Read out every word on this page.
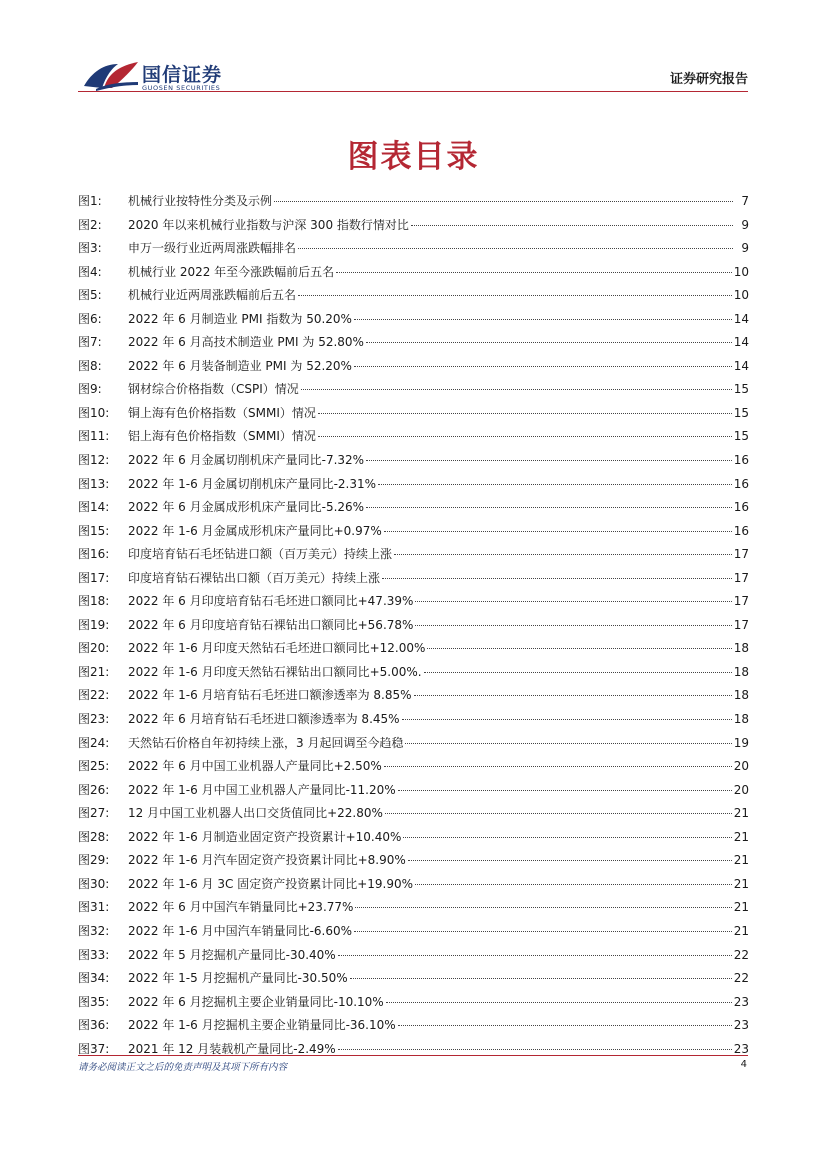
国信证券
GUOSEN SECURITIES
证券研究报告
图表目录
图1:	机械行业按特性分类及示例	7
图2:	2020 年以来机械行业指数与沪深 300 指数行情对比	9
图3:	申万一级行业近两周涨跌幅排名	9
图4:	机械行业 2022 年至今涨跌幅前后五名	10
图5:	机械行业近两周涨跌幅前后五名	10
图6:	2022 年 6 月制造业 PMI 指数为 50.20%	14
图7:	2022 年 6 月高技术制造业 PMI 为 52.80%	14
图8:	2022 年 6 月装备制造业 PMI 为 52.20%	14
图9:	钢材综合价格指数（CSPI）情况	15
图10:	铜上海有色价格指数（SMMI）情况	15
图11:	铝上海有色价格指数（SMMI）情况	15
图12:	2022 年 6 月金属切削机床产量同比-7.32%	16
图13:	2022 年 1-6 月金属切削机床产量同比-2.31%	16
图14:	2022 年 6 月金属成形机床产量同比-5.26%	16
图15:	2022 年 1-6 月金属成形机床产量同比+0.97%	16
图16:	印度培育钻石毛坯钻进口额（百万美元）持续上涨	17
图17:	印度培育钻石裸钻出口额（百万美元）持续上涨	17
图18:	2022 年 6 月印度培育钻石毛坯进口额同比+47.39%	17
图19:	2022 年 6 月印度培育钻石裸钻出口额同比+56.78%	17
图20:	2022 年 1-6 月印度天然钻石毛坯进口额同比+12.00%	18
图21:	2022 年 1-6 月印度天然钻石裸钻出口额同比+5.00%.	18
图22:	2022 年 1-6 月培育钻石毛坯进口额渗透率为 8.85%	18
图23:	2022 年 6 月培育钻石毛坯进口额渗透率为 8.45%	18
图24:	天然钻石价格自年初持续上涨，3 月起回调至今趋稳	19
图25:	2022 年 6 月中国工业机器人产量同比+2.50%	20
图26:	2022 年 1-6 月中国工业机器人产量同比-11.20%	20
图27:	12 月中国工业机器人出口交货值同比+22.80%	21
图28:	2022 年 1-6 月制造业固定资产投资累计+10.40%	21
图29:	2022 年 1-6 月汽车固定资产投资累计同比+8.90%	21
图30:	2022 年 1-6 月 3C 固定资产投资累计同比+19.90%	21
图31:	2022 年 6 月中国汽车销量同比+23.77%	21
图32:	2022 年 1-6 月中国汽车销量同比-6.60%	21
图33:	2022 年 5 月挖掘机产量同比-30.40%	22
图34:	2022 年 1-5 月挖掘机产量同比-30.50%	22
图35:	2022 年 6 月挖掘机主要企业销量同比-10.10%	23
图36:	2022 年 1-6 月挖掘机主要企业销量同比-36.10%	23
图37:	2021 年 12 月装载机产量同比-2.49%	23
请务必阅读正文之后的免责声明及其项下所有内容	4
